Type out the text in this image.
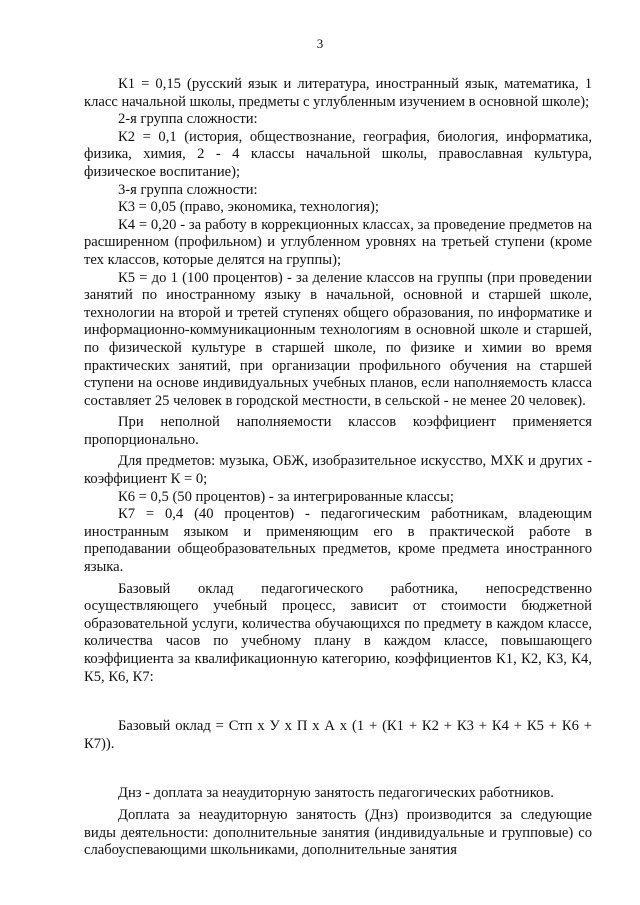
3

К1 = 0,15 (русский язык и литература, иностранный язык, математика, 1 класс начальной школы, предметы с углубленным изучением в основной школе);

2-я группа сложности:

К2 = 0,1 (история, обществознание, география, биология, информатика, физика, химия, 2 - 4 классы начальной школы, православная культура, физическое воспитание);

3-я группа сложности:

К3 = 0,05 (право, экономика, технология);

К4 = 0,20 - за работу в коррекционных классах, за проведение предметов на расширенном (профильном) и углубленном уровнях на третьей ступени (кроме тех классов, которые делятся на группы);

К5 = до 1 (100 процентов) - за деление классов на группы (при проведении занятий по иностранному языку в начальной, основной и старшей школе, технологии на второй и третей ступенях общего образования, по информатике и информационно-коммуникационным технологиям в основной школе и старшей, по физической культуре в старшей школе, по физике и химии во время практических занятий, при организации профильного обучения на старшей ступени на основе индивидуальных учебных планов, если наполняемость класса составляет 25 человек в городской местности, в сельской - не менее 20 человек).

При неполной наполняемости классов коэффициент применяется пропорционально.

Для предметов: музыка, ОБЖ, изобразительное искусство, МХК и других - коэффициент К = 0;

К6 = 0,5 (50 процентов) - за интегрированные классы;

К7 = 0,4 (40 процентов) - педагогическим работникам, владеющим иностранным языком и применяющим его в практической работе в преподавании общеобразовательных предметов, кроме предмета иностранного языка.

Базовый оклад педагогического работника, непосредственно осуществляющего учебный процесс, зависит от стоимости бюджетной образовательной услуги, количества обучающихся по предмету в каждом классе, количества часов по учебному плану в каждом классе, повышающего коэффициента за квалификационную категорию, коэффициентов К1, К2, К3, К4, К5, К6, К7:

Базовый оклад = Стп х У х П х А х (1 + (К1 + К2 + К3 + К4 + К5 + К6 + К7)).

Днз - доплата за неаудиторную занятость педагогических работников.

Доплата за неаудиторную занятость (Днз) производится за следующие виды деятельности: дополнительные занятия (индивидуальные и групповые) со слабоуспевающими школьниками, дополнительные занятия
